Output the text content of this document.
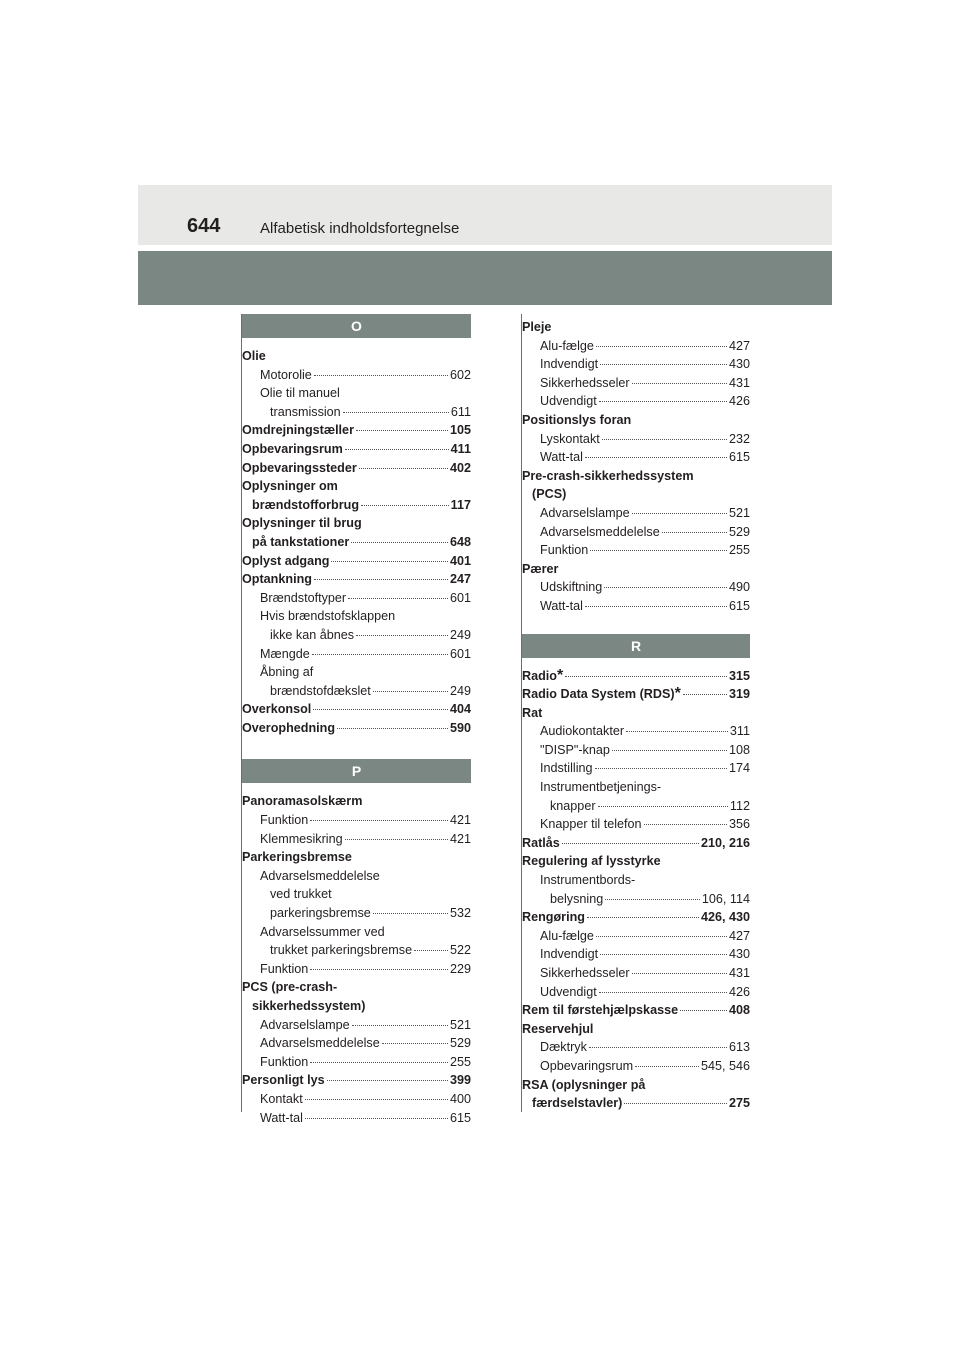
644	Alfabetisk indholdsfortegnelse
O
Olie
Motorolie	602
Olie til manuel
transmission	611
Omdrejningstæller	105
Opbevaringsrum	411
Opbevaringssteder	402
Oplysninger om
brændstofforbrug	117
Oplysninger til brug
på tankstationer	648
Oplyst adgang	401
Optankning	247
Brændstoftyper	601
Hvis brændstofsklappen
ikke kan åbnes	249
Mængde	601
Åbning af
brændstofdækslet	249
Overkonsol	404
Overophedning	590
P
Panoramasolskærm
Funktion	421
Klemmesikring	421
Parkeringsbremse
Advarselsmeddelelse
ved trukket
parkeringsbremse	532
Advarselssummer ved
trukket parkeringsbremse	522
Funktion	229
PCS (pre-crash-
sikkerhedssystem)
Advarselslampe	521
Advarselsmeddelelse	529
Funktion	255
Personligt lys	399
Kontakt	400
Watt-tal	615
Pleje
Alu-fælge	427
Indvendigt	430
Sikkerhedsseler	431
Udvendigt	426
Positionslys foran
Lyskontakt	232
Watt-tal	615
Pre-crash-sikkerhedssystem
(PCS)
Advarselslampe	521
Advarselsmeddelelse	529
Funktion	255
Pærer
Udskiftning	490
Watt-tal	615
R
Radio *	315
Radio Data System (RDS) *	319
Rat
Audiokontakter	311
"DISP"-knap	108
Indstilling	174
Instrumentbetjenings-
knapper	112
Knapper til telefon	356
Ratlås	210, 216
Regulering af lysstyrke
Instrumentbords-
belysning	106, 114
Rengøring	426, 430
Alu-fælge	427
Indvendigt	430
Sikkerhedsseler	431
Udvendigt	426
Rem til førstehjælpskasse	408
Reservehjul
Dæktryk	613
Opbevaringsrum	545, 546
RSA (oplysninger på
færdselstavler)	275
